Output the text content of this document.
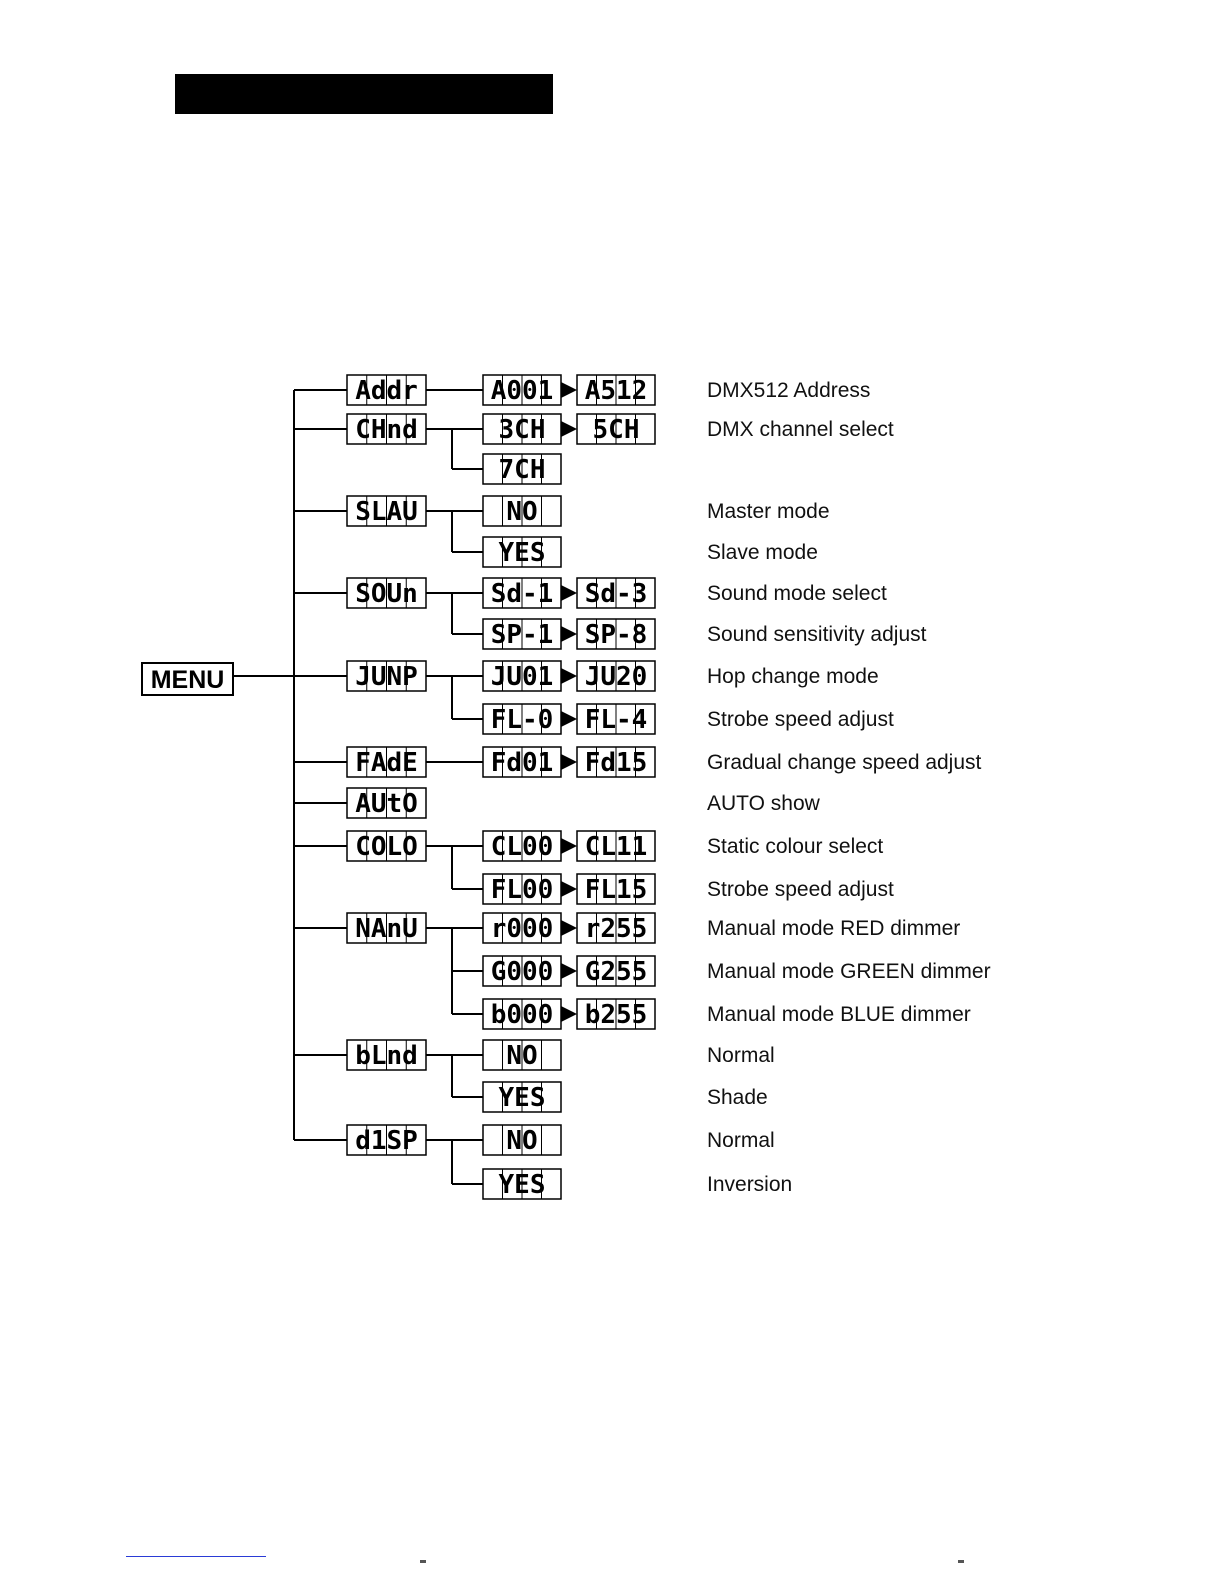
MENU
Addr	A001 A512	DMX512 Address
CHnd	3CH 5CH	DMX channel select
7CH
SLAU	NO	Master mode
YES	Slave mode
SOUn	Sd-1 Sd-3	Sound mode select
SP-1 SP-8	Sound sensitivity adjust
JUNP	JU01 JU20	Hop change mode
FL-0 FL-4	Strobe speed adjust
FAdE	Fd01 Fd15	Gradual change speed adjust
AUtO	AUTO show
COLO	CL00 CL11	Static colour select
FL00 FL15	Strobe speed adjust
NAnU	r000 r255	Manual mode RED dimmer
G000 G255	Manual mode GREEN dimmer
b000 b255	Manual mode BLUE dimmer
bLnd	NO	Normal
YES	Shade
d1SP	NO	Normal
YES	Inversion
